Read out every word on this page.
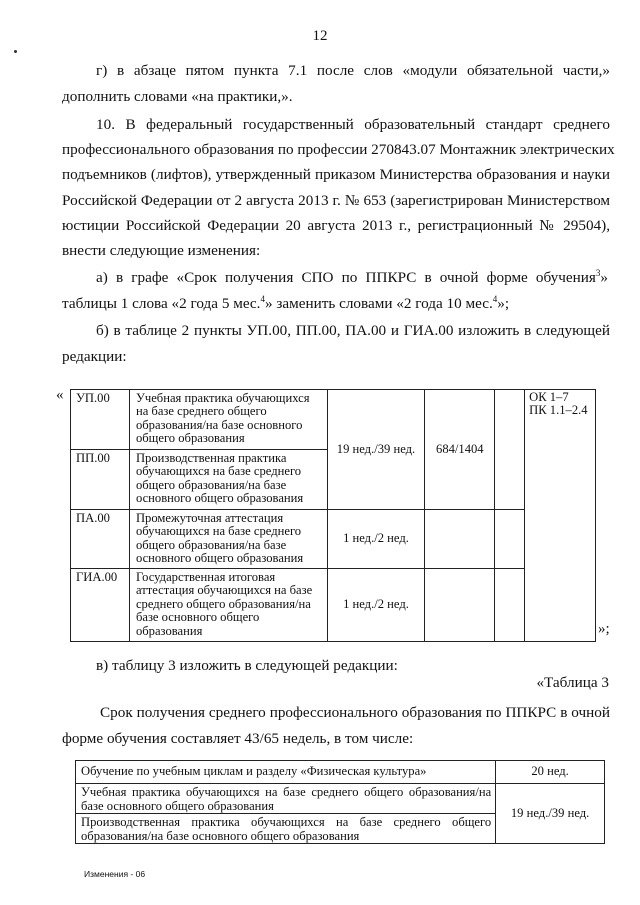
12
г) в абзаце пятом пункта 7.1 после слов «модули обязательной части,»
дополнить словами «на практики,».
10. В федеральный государственный образовательный стандарт среднего
профессионального образования по профессии 270843.07 Монтажник электрических
подъемников (лифтов), утвержденный приказом Министерства образования и науки
Российской Федерации от 2 августа 2013 г. № 653 (зарегистрирован Министерством
юстиции Российской Федерации 20 августа 2013 г., регистрационный № 29504),
внести следующие изменения:
а) в графе «Срок получения СПО по ППКРС в очной форме обучения$^3$»
таблицы 1 слова «2 года 5 мес.$^4$» заменить словами «2 года 10 мес.$^4$»;
б) в таблице 2 пункты УП.00, ПП.00, ПА.00 и ГИА.00 изложить в следующей
редакции:
« УП.00	Учебная практика обучающихся на базе среднего общего образования/на базе основного общего образования	19 нед./39 нед.	684/1404		ОК 1–7
ПК 1.1–2.4

ПП.00	Производственная практика обучающихся на базе среднего общего образования/на базе основного общего образования				
ПА.00	Промежуточная аттестация обучающихся на базе среднего общего образования/на базе основного общего образования	1 нед./2 нед.			
ГИА.00	Государственная итоговая аттестация обучающихся на базе среднего общего образования/на базе основного общего образования	1 нед./2 нед.			
»;
в) таблицу 3 изложить в следующей редакции:
«Таблица 3
Срок получения среднего профессионального образования по ППКРС в очной
форме обучения составляет 43/65 недель, в том числе:
Обучение по учебным циклам и разделу «Физическая культура»	20 нед.
Учебная практика обучающихся на базе среднего общего образования/на базе основного общего образования	19 нед./39 нед.
Производственная практика обучающихся на базе среднего общего образования/на базе основного общего образования	
Изменения - 06
